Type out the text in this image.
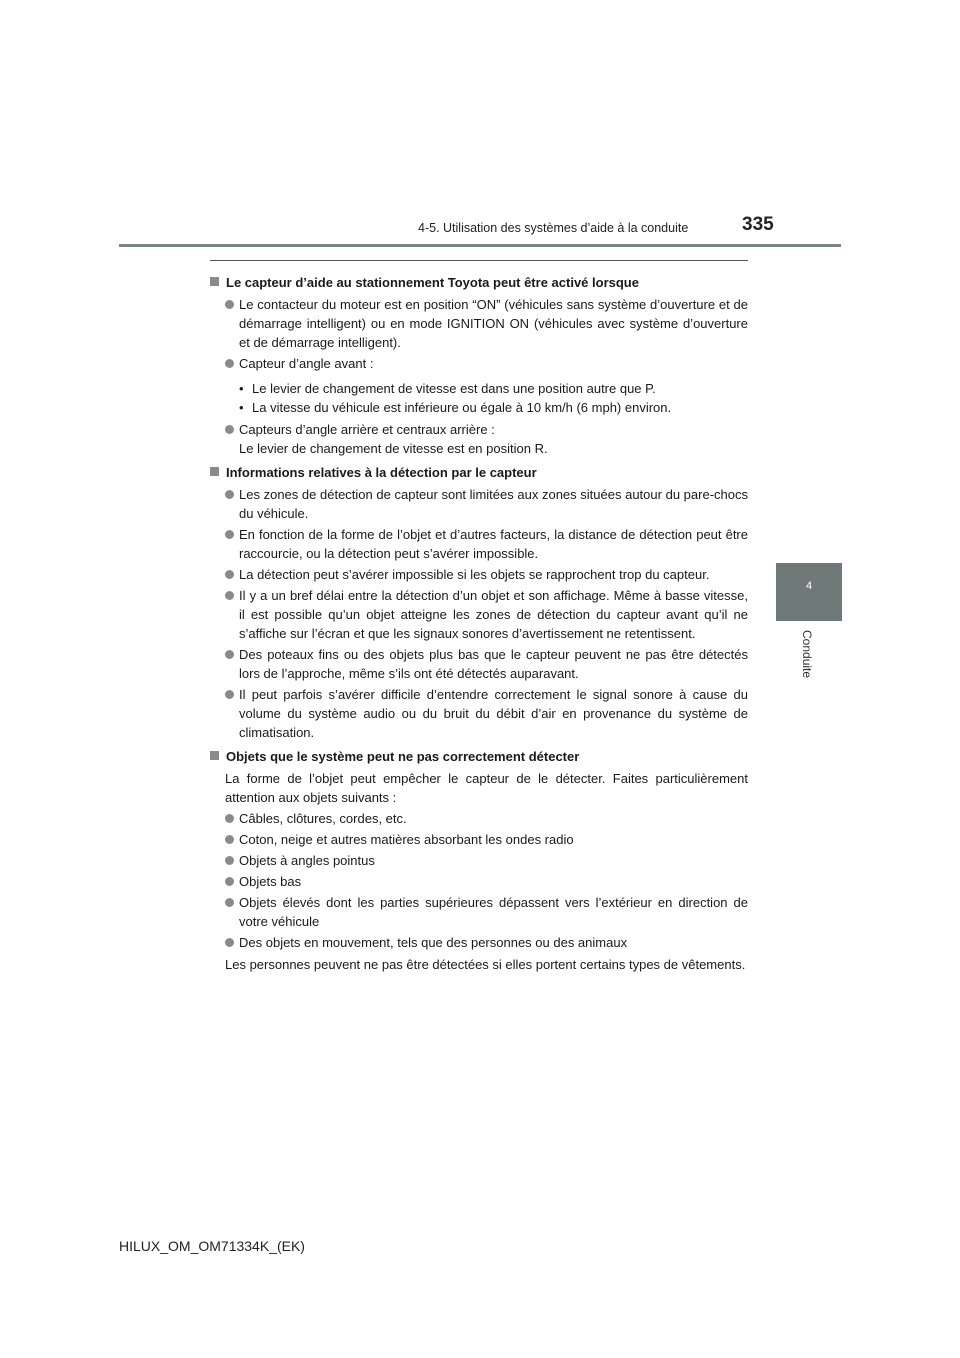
4-5. Utilisation des systèmes d’aide à la conduite	335
4
Conduite
Le capteur d’aide au stationnement Toyota peut être activé lorsque
Le contacteur du moteur est en position “ON” (véhicules sans système d’ouverture et de démarrage intelligent) ou en mode IGNITION ON (véhicules avec système d’ouverture et de démarrage intelligent).
Capteur d’angle avant :
• Le levier de changement de vitesse est dans une position autre que P.
• La vitesse du véhicule est inférieure ou égale à 10 km/h (6 mph) environ.
Capteurs d’angle arrière et centraux arrière :
Le levier de changement de vitesse est en position R.
Informations relatives à la détection par le capteur
Les zones de détection de capteur sont limitées aux zones situées autour du pare-chocs du véhicule.
En fonction de la forme de l’objet et d’autres facteurs, la distance de détection peut être raccourcie, ou la détection peut s’avérer impossible.
La détection peut s’avérer impossible si les objets se rapprochent trop du capteur.
Il y a un bref délai entre la détection d’un objet et son affichage. Même à basse vitesse, il est possible qu’un objet atteigne les zones de détection du capteur avant qu’il ne s’affiche sur l’écran et que les signaux sonores d’avertissement ne retentissent.
Des poteaux fins ou des objets plus bas que le capteur peuvent ne pas être détectés lors de l’approche, même s’ils ont été détectés auparavant.
Il peut parfois s’avérer difficile d’entendre correctement le signal sonore à cause du volume du système audio ou du bruit du débit d’air en provenance du système de climatisation.
Objets que le système peut ne pas correctement détecter
La forme de l’objet peut empêcher le capteur de le détecter. Faites particulièrement attention aux objets suivants :
Câbles, clôtures, cordes, etc.
Coton, neige et autres matières absorbant les ondes radio
Objets à angles pointus
Objets bas
Objets élevés dont les parties supérieures dépassent vers l’extérieur en direction de votre véhicule
Des objets en mouvement, tels que des personnes ou des animaux
Les personnes peuvent ne pas être détectées si elles portent certains types de vêtements.
HILUX_OM_OM71334K_(EK)
